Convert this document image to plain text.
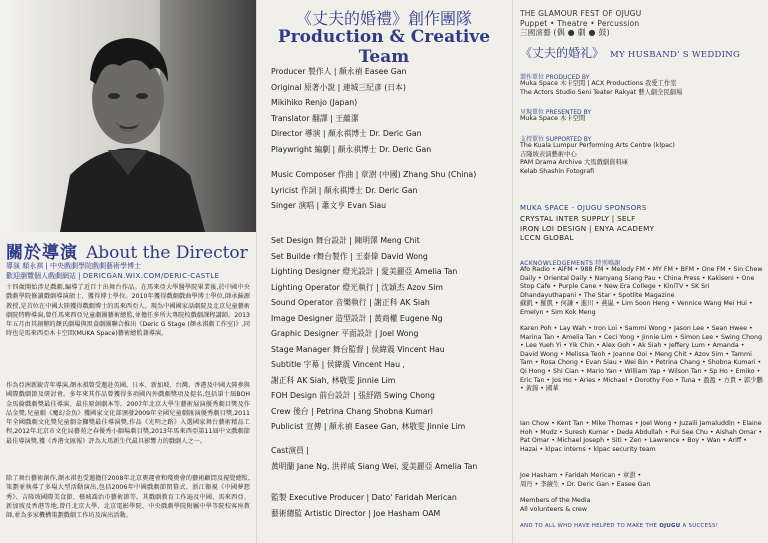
關於導演 About the Director
導演 顏永祺 | 中央戲劇學院戲劇藝術學博士
歡迎瀏覽個人戲劇網站 | DERICGAN.WIX.COM/DERIC-CASTLE
十四歲開始涉足戲劇,編導了近百十出舞台作品。在馬來亞大學醫學院畢業後,於中國中央戲劇學院修讀戲劇導演碩士、獲得博士學位。2010年獲得戲劇戲曲學博士學位,師承蘇源教授,是首位在中國大陸獲得戲劇博士的馬來西亞人。現為中國國家話劇院及北京兒童藝術劇院特聘導演,曾任馬來西亞兒童劇團藝術總監,並擔任多所大專院校戲劇課程講師。2013年五月由其創辦的顏氏劇場與黑盒劇團聯合推出《Deric G Stage (顏永祺劇工作室)》,同時也是馬來西亞木卡空間(MUKA Space)藝術總監兼導演。
作為亞洲新銳青年導演,顏永祺曾受邀赴英國、日本、新加坡、台灣、香港及中國大陸參與國際戲劇節及研討會。多年來其作品曾獲得多項國內外戲劇獎項及提名,包括第十屆BOH金馬倫戲劇獎最佳導演、最佳原創劇本等。2007年北京大學生藝術展演優秀劇目獎及作品金獎,兒童劇《魔幻金魚》獲國家文化部頒發2009年全國兒童劇匯演優秀劇目獎,2011年全國戲劇文化獎兒童劇金獅獎最佳導演獎,作品《光明之路》入選國家舞台藝術精品工程,2012年北京市文化局藝苑之春優秀小劇場劇目獎,2013年馬來西亞第11屆中文戲劇節最佳導演獎,獲《香港文匯報》評為大馬新生代最具影響力的戲劇人之一。
除了舞台藝術創作,顏永祺也受邀擔任2008年北京奧運會和殘奧會的藝術顧問及視覺總監,策劃並執導了多場大型活動演出,包括2006年中國戲劇節閉幕式、浙江衛視《中國夢想秀》、吉隆坡國際美食節、檳城喬治市藝術節等。其戲劇教育工作遍及中國、馬來西亞、新加坡及香港等地,曾任北京大學、北京電影學院、中央戲劇學院附屬中學等院校客座教師,並為多家機構策劃戲劇工作坊及演出活動。
《丈夫的婚禮》創作團隊
Production & Creative Team
Producer 製作人 | 顏永禎 Easee Gan
Original 原著小說 | 連城三紀彥 (日本)
Mikihiko Renjo (Japan)
Translator 翻譯 | 王蘊潔
Director 導演 | 顏永祺博士 Dr. Deric Gan
Playwright 編劇 | 顏永祺博士 Dr. Deric Gan
Music Composer 作曲 | 章澍 (中國) Zhang Shu (China)
Lyricist 作詞 | 顏永祺博士 Dr. Deric Gan
Singer 演唱 | 蕭文亨 Evan Siau
Set Design 舞台設計 | 陳明澤 Meng Chit
Set Builde r舞台製作 | 王泰偉 David Wong
Lighting Designer 燈光設計 | 愛美麗亞 Amelia Tan
Lighting Operator 燈光執行 | 沈穎杰 Azov Sim
Sound Operator 音樂執行 | 謝正科 AK Siah
Image Designer 造型設計 | 黃商權 Eugene Ng
Graphic Designer 平面設計 | Joel Wong
Stage Manager 舞台監督 | 侯緯震 Vincent Hau
Subtitle 字幕 | 侯緯震 Vincent Hau ,
謝正科 AK Siah, 林敬雯 Jinnie Lim
FOH Design 前台設計 | 張舒踏 Swing Chong
Crew 後台 | Petrina Chang Shobna Kumari
Publicist 宣傳 | 顏永禎 Easee Gan, 林敬雯 Jinnie Lim
Cast演員 |
黃明蘭 Jane Ng, 洪祥威 Siang Wei, 愛美麗亞 Amelia Tan
監製 Executive Producer | Dato' Faridah Merican
藝術總監 Artistic Director | Joe Hasham OAM
THE GLAMOUR FEST OF OJUGU
Puppet • Theatre • Percussion
三國演藝 (偶 ● 劇 ● 鼓)
《丈夫的婚礼》 MY HUSBAND' S WEDDING
製作單位 PRODUCED BY
Muka Space 木卡空間 | ACX Productions 我愛工作室
The Actors Studio Seni Teater Rakyat 藝人劇全民劇場
呈現單位 PRESENTED BY
Muka Space 木卡空間
支持單位 SUPPORTED BY
The Kuala Lumpur Performing Arts Centre (klpac)
吉隆坡表演藝術中心
PAM Drama Archive 大馬戲劇資料庫
Kelab Shashin Fotografi
MUKA SPACE - OJUGU SPONSORS
CRYSTAL INTER SUPPLY | SELF
IRON LOI DESIGN | ENYA ACADEMY
LCCN GLOBAL
ACKNOWLEDGEMENTS 特別鳴謝
Afo Radio • AiFM • 988 FM • Melody FM • MY FM • BFM • One FM • Sin Chew Daily • Oriental Daily • Nanyang Siang Pau • China Press • Kakiseni • One Stop Cafe • Purple Cane • New Era College • KiniTV • SK Sri Dhandayuthapani • The Star • Spotlite Magazine
蘇凱 • 羅凱 • 何謙 • 進川 • 燕嵐 • Lim Soon Heng • Vennice Wang Mei Hui • Emelyn • Sim Kok Meng
Karen Poh • Lay Wah • Iron Loi • Sammi Wong • Jason Lee • Sean Hwee • Marina Tan • Amelia Tan • Ceci Yong • Jinnie Lim • Simon Lee • Swing Chong • Lee Yueh Yi • Yik Chin • Alex Goh • Ak Siah • Jeffery Lum • Amanda • David Wong • Melissa Teoh • Joanne Ooi • Meng Chit • Azov Sim • Tammi Tam • Rosa Chong • Evan Siau • Wei Bin • Petrina Chang • Shobna Kumari • Qi Hong • Shi Cian • Mario Yan • William Yap • Wilson Tan • Sp Ho • Emiko • Eric Tan • Jos Ho • Aries • Michael • Dorothy Foo • Tuna • 盈盈 • 方貴 • 郭少鵬 • 黃錦 • 國華
Ian Chow • Kent Tan • Mike Thomas • Joel Wong • Juzaili Jamaluddin • Elaine Hoh • Mudz • Suresh Kumar • Deda Abdullah • Pui See Chu • Aishah Omar • Pat Omar • Michael Joseph • Siti • Zen • Lawrence • Boy • Wan • Ariff • Hazai • klpac interns • klpac security team
Joe Hasham • Faridah Merican • 章澍 •
周丹 • 李薇生 • Dr. Deric Gan • Easee Gan
Members of the Media
All volunteers & crew
AND TO ALL WHO HAVE HELPED TO MAKE THE OJUGU A SUCCESS!
